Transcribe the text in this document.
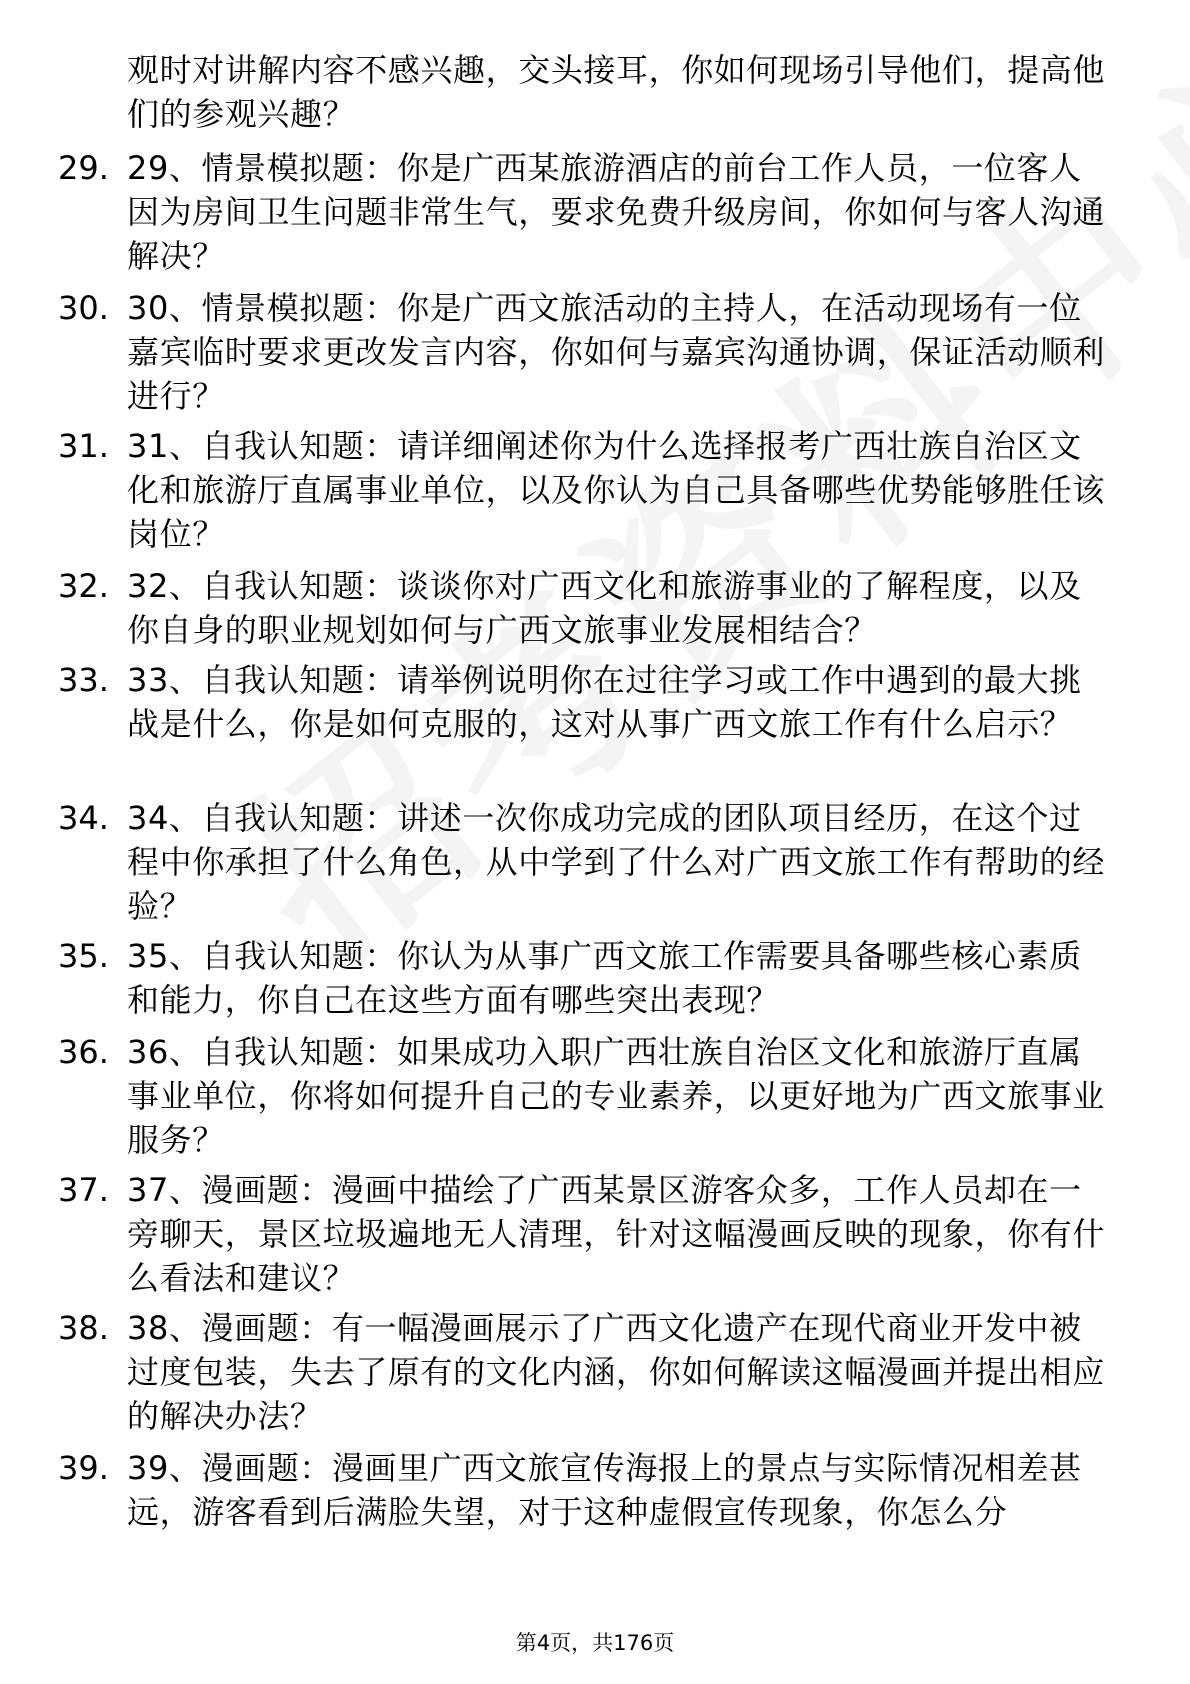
观时对讲解内容不感兴趣，交头接耳，你如何现场引导他们，提高他们的参观兴趣？
29. 29、情景模拟题：你是广西某旅游酒店的前台工作人员，一位客人因为房间卫生问题非常生气，要求免费升级房间，你如何与客人沟通解决？
30. 30、情景模拟题：你是广西文旅活动的主持人，在活动现场有一位嘉宾临时要求更改发言内容，你如何与嘉宾沟通协调，保证活动顺利进行？
31. 31、自我认知题：请详细阐述你为什么选择报考广西壮族自治区文化和旅游厅直属事业单位，以及你认为自己具备哪些优势能够胜任该岗位？
32. 32、自我认知题：谈谈你对广西文化和旅游事业的了解程度，以及你自身的职业规划如何与广西文旅事业发展相结合？
33. 33、自我认知题：请举例说明你在过往学习或工作中遇到的最大挑战是什么，你是如何克服的，这对从事广西文旅工作有什么启示？
34. 34、自我认知题：讲述一次你成功完成的团队项目经历，在这个过程中你承担了什么角色，从中学到了什么对广西文旅工作有帮助的经验？
35. 35、自我认知题：你认为从事广西文旅工作需要具备哪些核心素质和能力，你自己在这些方面有哪些突出表现？
36. 36、自我认知题：如果成功入职广西壮族自治区文化和旅游厅直属事业单位，你将如何提升自己的专业素养，以更好地为广西文旅事业服务？
37. 37、漫画题：漫画中描绘了广西某景区游客众多，工作人员却在一旁聊天，景区垃圾遍地无人清理，针对这幅漫画反映的现象，你有什么看法和建议？
38. 38、漫画题：有一幅漫画展示了广西文化遗产在现代商业开发中被过度包装，失去了原有的文化内涵，你如何解读这幅漫画并提出相应的解决办法？
39. 39、漫画题：漫画里广西文旅宣传海报上的景点与实际情况相差甚远，游客看到后满脸失望，对于这种虚假宣传现象，你怎么分
第4页，共176页
